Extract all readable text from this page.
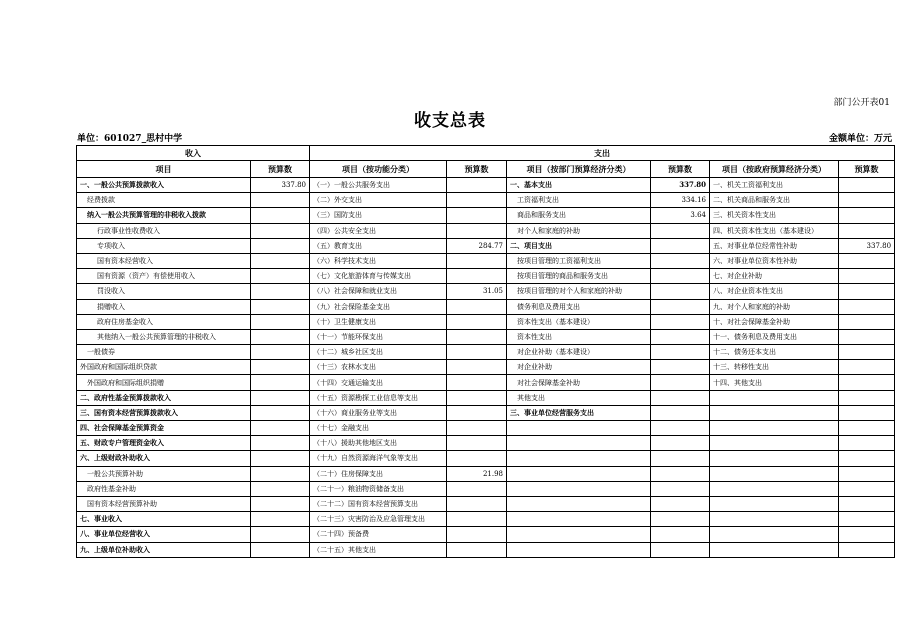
部门公开表01
收支总表
单位：601027_思村中学	金额单位：万元
收入		支出					
项目	预算数	项目（按功能分类）	预算数	项目（按部门预算经济分类）	预算数	项目（按政府预算经济分类）	预算数
一、一般公共预算拨款收入	337.80	（一）一般公共服务支出		一、基本支出	337.80	一、机关工资福利支出	
经费拨款		（二）外交支出		工资福利支出	334.16	二、机关商品和服务支出	
纳入一般公共预算管理的非税收入拨款		（三）国防支出		商品和服务支出	3.64	三、机关资本性支出	
行政事业性收费收入		（四）公共安全支出		对个人和家庭的补助		四、机关资本性支出（基本建设）	
专项收入		（五）教育支出	284.77	二、项目支出		五、对事业单位经常性补助	337.80
国有资本经营收入		（六）科学技术支出		按项目管理的工资福利支出		六、对事业单位资本性补助	
国有资源（资产）有偿使用收入		（七）文化旅游体育与传媒支出		按项目管理的商品和服务支出		七、对企业补助	
罚没收入		（八）社会保障和就业支出	31.05	按项目管理的对个人和家庭的补助		八、对企业资本性支出	
捐赠收入		（九）社会保险基金支出		债务利息及费用支出		九、对个人和家庭的补助	
政府住房基金收入		（十）卫生健康支出		资本性支出（基本建设）		十、对社会保障基金补助	
其他纳入一般公共预算管理的非税收入		（十一）节能环保支出		资本性支出		十一、债务利息及费用支出	
一般债券		（十二）城乡社区支出		对企业补助（基本建设）		十二、债务还本支出	
外国政府和国际组织贷款		（十三）农林水支出		对企业补助		十三、转移性支出	
外国政府和国际组织捐赠		（十四）交通运输支出		对社会保障基金补助		十四、其他支出	
二、政府性基金预算拨款收入		（十五）资源勘探工业信息等支出		其他支出			
三、国有资本经营预算拨款收入		（十六）商业服务业等支出		三、事业单位经营服务支出			
四、社会保障基金预算资金		（十七）金融支出					
五、财政专户管理资金收入		（十八）援助其他地区支出					
六、上级财政补助收入		（十九）自然资源海洋气象等支出					
一般公共预算补助		（二十）住房保障支出	21.98				
政府性基金补助		（二十一）粮油物资储备支出					
国有资本经营预算补助		（二十二）国有资本经营预算支出					
七、事业收入		（二十三）灾害防治及应急管理支出					
八、事业单位经营收入		（二十四）预备费					
九、上级单位补助收入		（二十五）其他支出					
